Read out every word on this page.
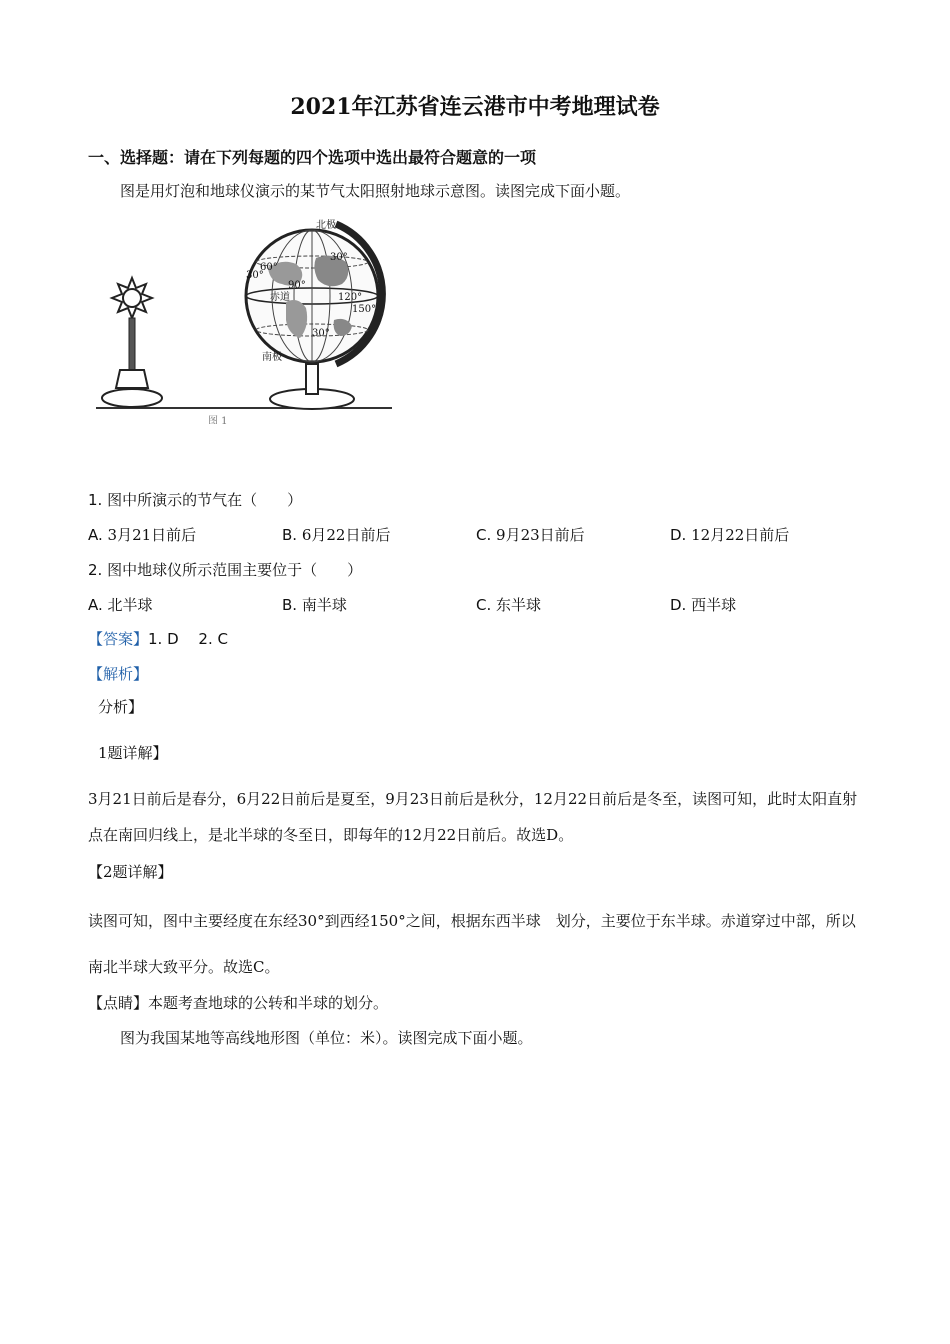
2021年江苏省连云港市中考地理试卷
一、选择题：请在下列每题的四个选项中选出最符合题意的一项
图是用灯泡和地球仪演示的某节气太阳照射地球示意图。读图完成下面小题。
北极
南极
赤道
30°
30°
90°
60°
30°
120°
150°
图 1
1. 图中所演示的节气在（　　）
A. 3月21日前后	B. 6月22日前后	C. 9月23日前后	D. 12月22日前后
2. 图中地球仪所示范围主要位于（　　）
A. 北半球	B. 南半球	C. 东半球	D. 西半球
【答案】1. D　 2. C
【解析】
分析】
1题详解】
3月21日前后是春分，6月22日前后是夏至，9月23日前后是秋分，12月22日前后是冬至，读图可知，此时太阳直射点在南回归线上，是北半球的冬至日，即每年的12月22日前后。故选D。
【2题详解】
读图可知，图中主要经度在东经30°到西经150°之间，根据东西半球　划分，主要位于东半球。赤道穿过中部，所以南北半球大致平分。故选C。
【点睛】本题考查地球的公转和半球的划分。
图为我国某地等高线地形图（单位：米）。读图完成下面小题。
